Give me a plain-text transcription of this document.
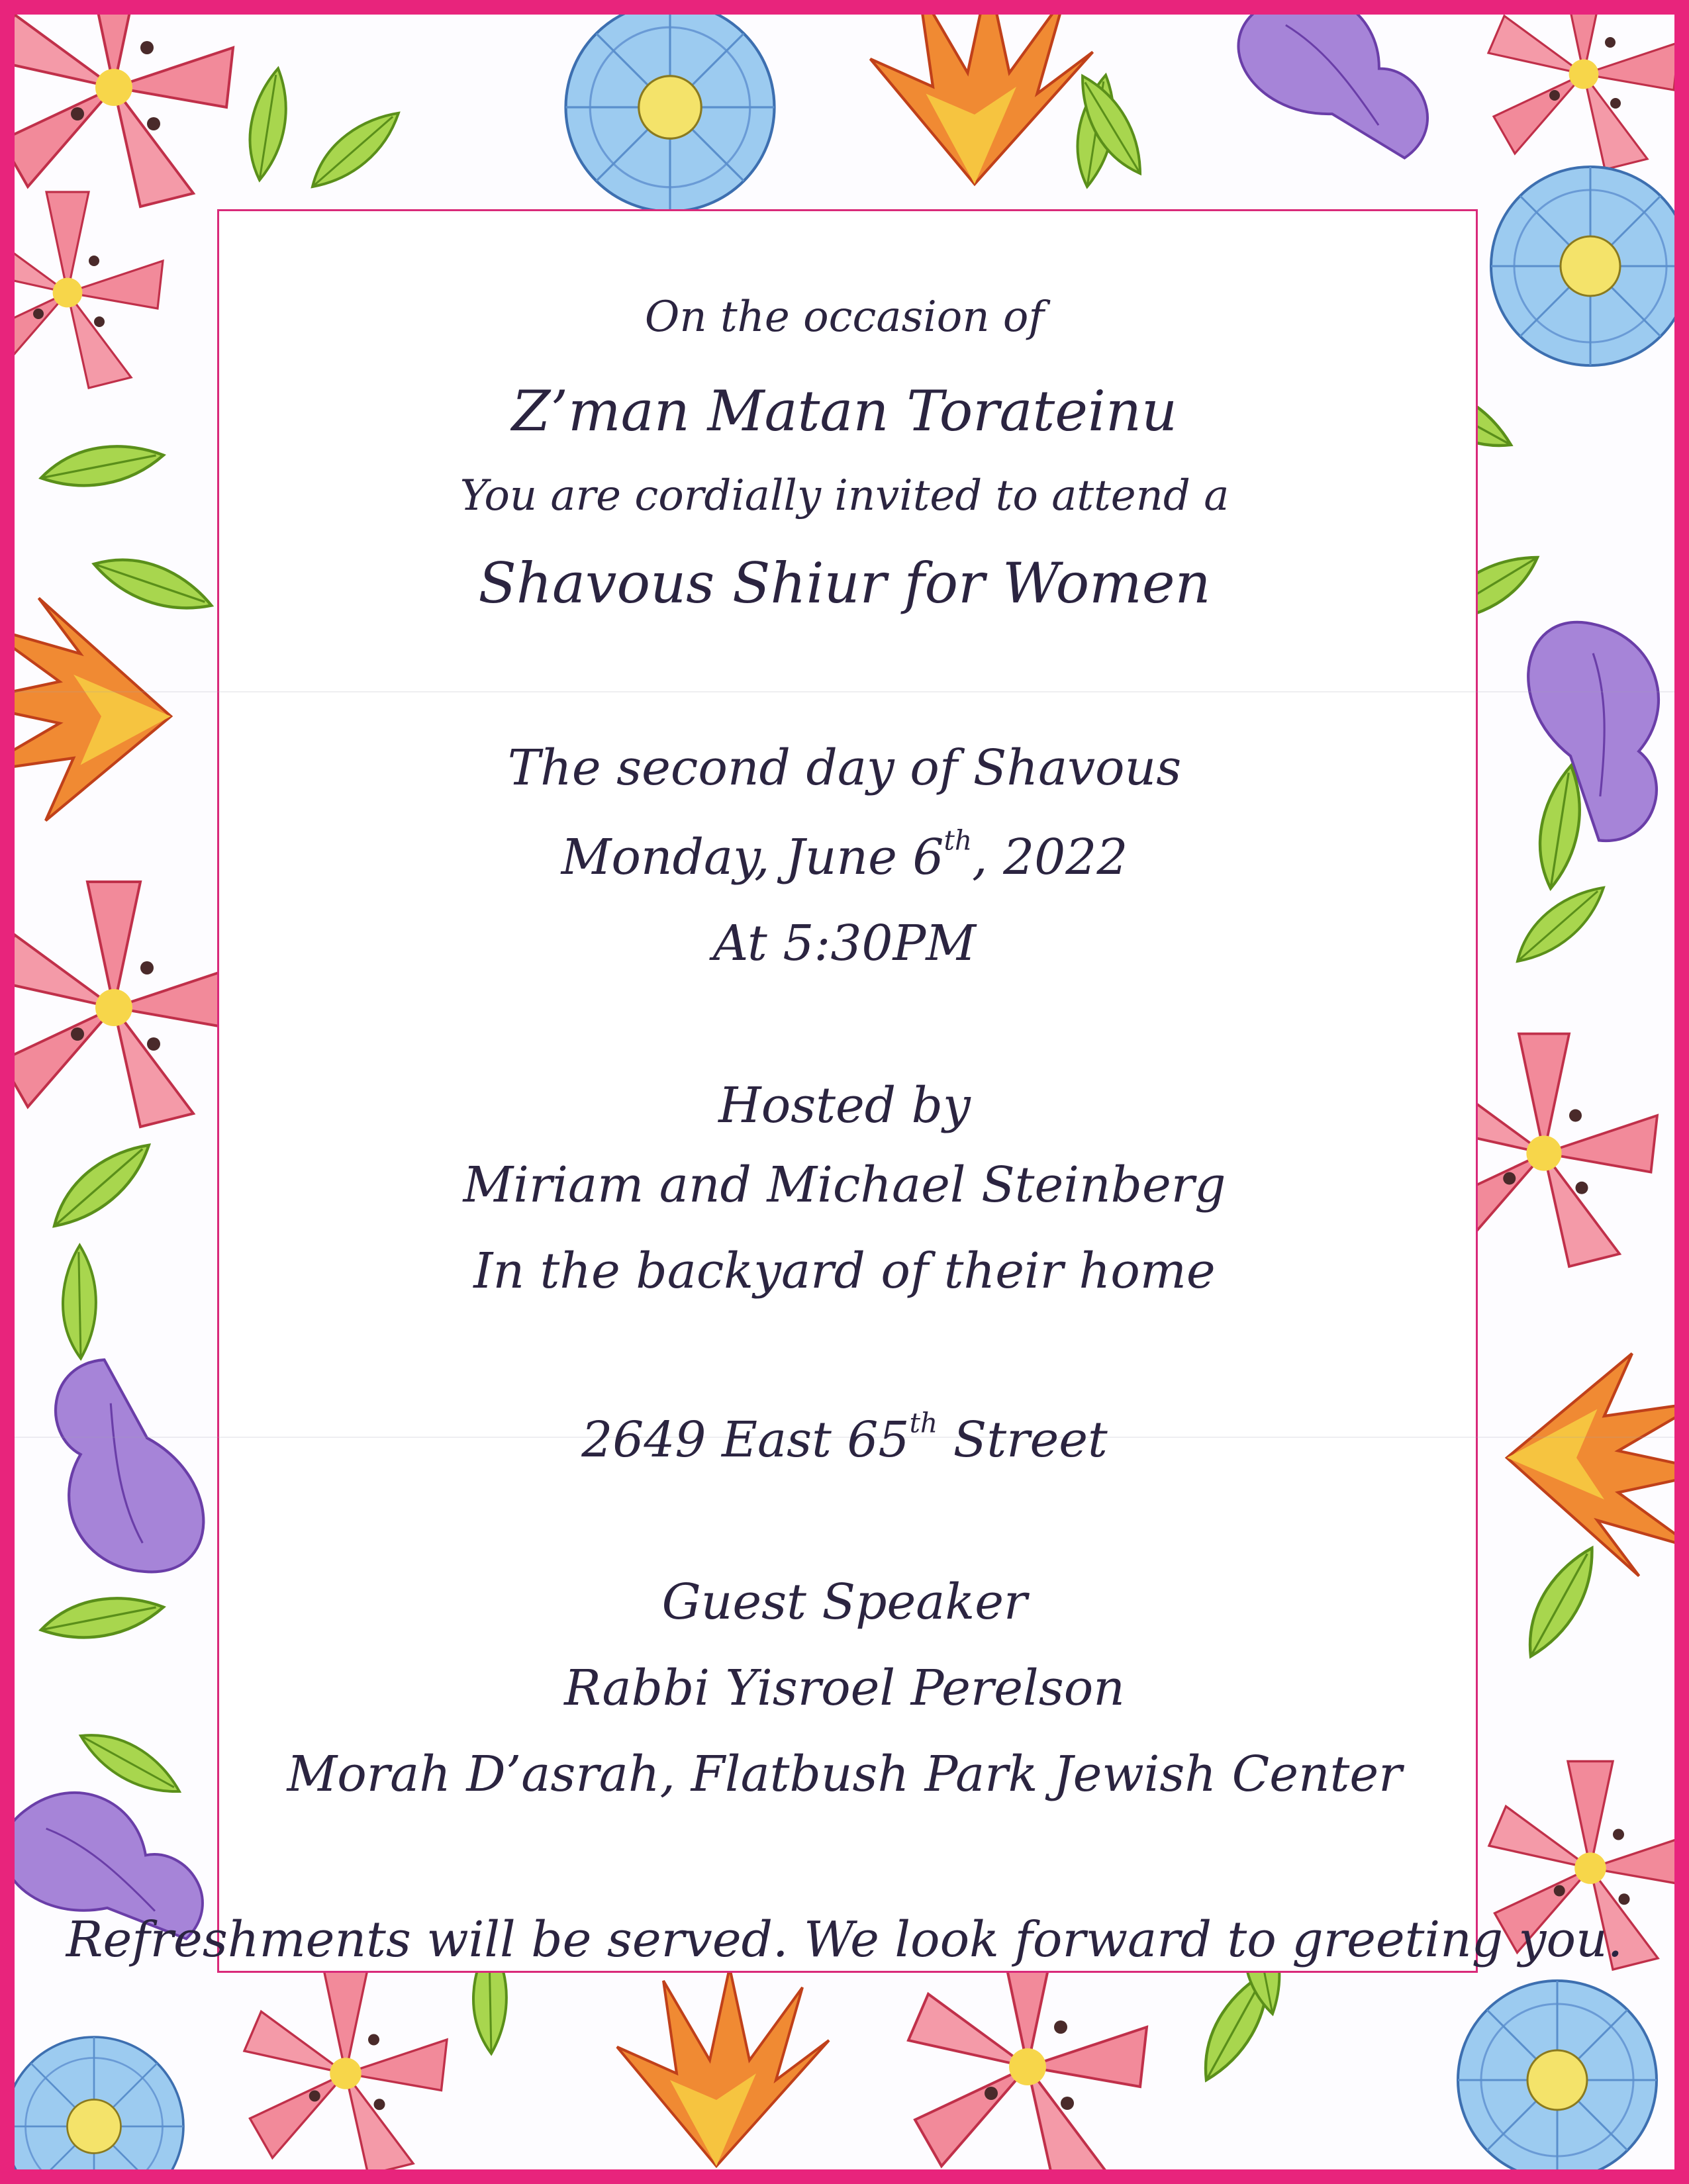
On the occasion of
Z’man Matan Torateinu
You are cordially invited to attend a
Shavous Shiur for Women
The second day of Shavous
Monday, June 6th, 2022
At 5:30PM
Hosted by
Miriam and Michael Steinberg
In the backyard of their home
2649 East 65th Street
Guest Speaker
Rabbi Yisroel Perelson
Morah D’asrah, Flatbush Park Jewish Center
Refreshments will be served. We look forward to greeting you.
